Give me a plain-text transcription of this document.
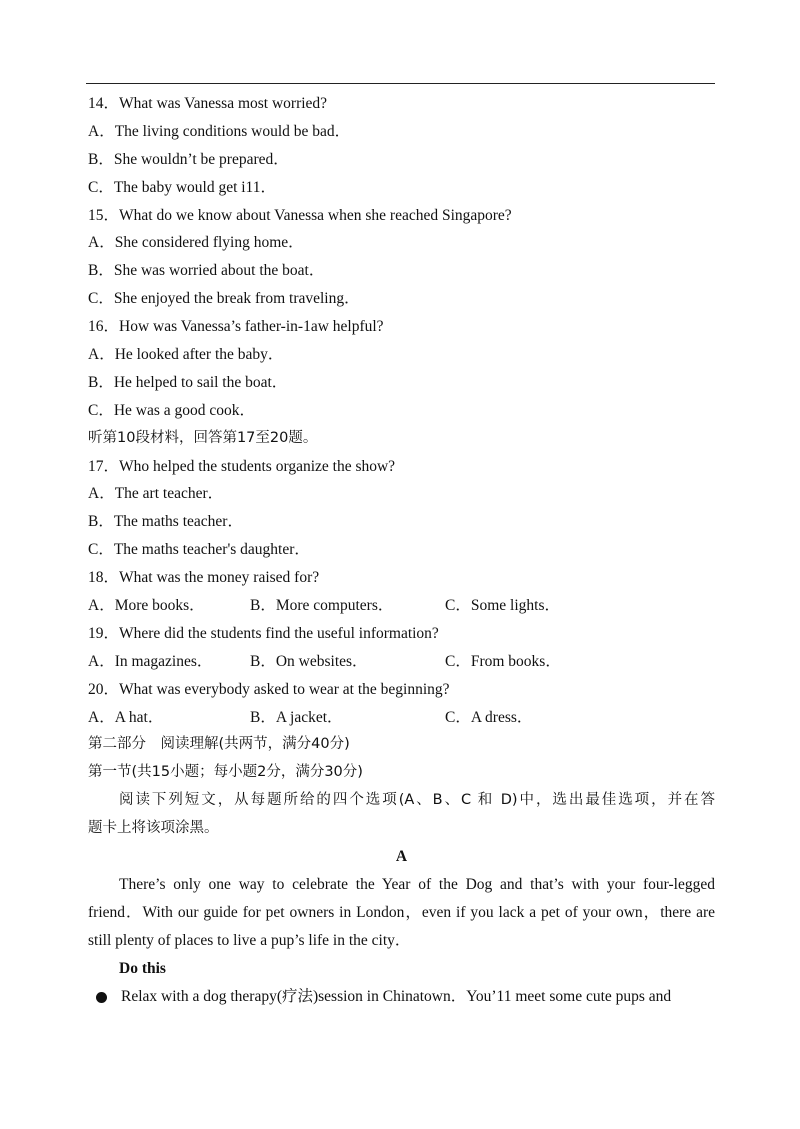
14．What was Vanessa most worried?
A．The living conditions would be bad．
B．She wouldn’t be prepared．
C．The baby would get i11．
15．What do we know about Vanessa when she reached Singapore?
A．She considered flying home．
B．She was worried about the boat．
C．She enjoyed the break from traveling．
16．How was Vanessa’s father-in-1aw helpful?
A．He looked after the baby．
B．He helped to sail the boat．
C．He was a good cook．
听第10段材料，回答第17至20题。
17．Who helped the students organize the show?
A．The art teacher．
B．The maths teacher．
C．The maths teacher's daughter．
18．What was the money raised for?
A．More books．	B．More computers．	C．Some lights．
19．Where did the students find the useful information?
A．In magazines．	B．On websites．	C．From books．
20．What was everybody asked to wear at the beginning?
A．A hat．	B．A jacket．	C．A dress．
第二部分　阅读理解(共两节，满分40分)
第一节(共15小题；每小题2分，满分30分)
阅读下列短文，从每题所给的四个选项(A、B、C 和 D)中，选出最佳选项，并在答
题卡上将该项涂黑。
A
There’s only one way to celebrate the Year of the Dog and that’s with your four-legged
friend．With our guide for pet owners in London，even if you lack a pet of your own，there are
still plenty of places to live a pup’s life in the city．
Do this
Relax with a dog therapy(疗法)session in Chinatown．You’11 meet some cute pups and
